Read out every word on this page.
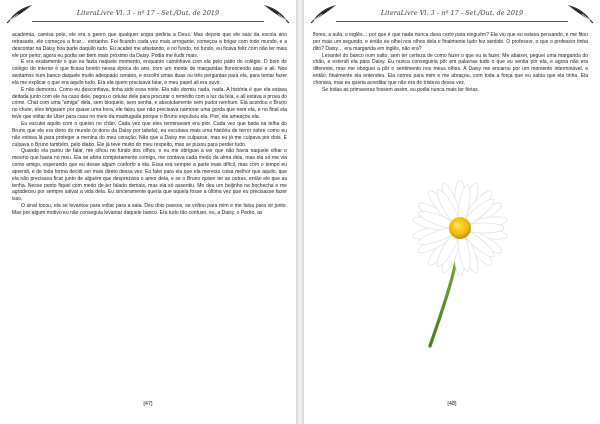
LiteraLivre Vl. 3 - nº 17 - Set./Out. de 2019

academia, camisa polo, ele era o genro que qualquer sogra pediria a Deus. Mas depois que ele saiu da escola ano retrasado, ele começou a ficar… estranho. Foi ficando cada vez mais arrogante, começou a brigar com todo mundo, e a descontar na Daisy boa parte daquilo tudo. Eu acabei me afastando, e no fundo, no fundo, eu ficava feliz com não ter mais ele por perto; agora eu podia ser bem mais próximo da Daisy. Podia me iludir mais.

E era exatamente o que eu fazia naquele momento, enquanto caminhava com ela pelo pátio do colégio. O bom de colégio do interior é que ficava bonito nessa época do ano, com um monte de margaridas florescendo aqui e ali. Nos sentamos num banco daquele muito adequado cenário, e escolhi umas duas ou três perguntas para ela, para tentar fazer ela me explicar o que era aquilo tudo. Era ela quem precisava falar, o meu papel ali era ouvir.

E não demorou. Como eu desconfiava, tinha sido essa noite. Ela não dormiu nada, nada. A história é que ela estava deitada junto com ele na casa dele, pegou o celular dele para procurar o remédio com a luz da tela, e ali estava a prova do crime. Chat com uma “amiga” dela, sem bloqueio, sem senha, e absolutamente sem pudor nenhum. Ela acordou o Bruno no chute, eles brigaram por quase uma hora, ele falou que não precisava namorar uma gorda que nem ela, e no final ela teve que voltar de Uber para casa no meio da madrugada porque o Bruno expulsou ela. Pior, ele ameaçou ela.

Eu escutei aquilo com o queixo no chão. Cada vez que eles terminavam era pior. Cada vez que batia na telha do Bruno que ele era dono do mundo (e dono da Daisy por tabela), eu escutava mais uma história de terror sobre como eu não estava lá para proteger a menina do meu coração. Não que a Daisy me culpasse, mas eu já me culpava por dois. E culpava o Bruno também, pelo diabo. Ele já teve muito do meu respeito, mas se puxou para perder tudo.

Quando ela parou de falar, me olhou no fundo dos olhos, e eu me obriguei a ver que não havia naquele olhar o mesmo que havia no meu. Ela se abria completamente comigo, me contava cada medo da alma dela, mas ela só me via como amigo, esperando que eu desse algum conforto a ela. Essa era sempre a parte mais difícil, mas com o tempo eu aprendi, e de toda forma decidi ser mais direto dessa vez. Eu falei para ela que ela merecia coisa melhor que aquilo, que ela não precisava ficar junto de alguém que desprezava o amor dela, e se o Bruno quiser ter as outras, então ele que as tenha. Nesse ponto fiquei com medo de ter falado demais, mas ela só assentiu. Me deu um beijinho na bochecha e me agradeceu por sempre salvar a vida dela. Eu sinceramente queria que aquela fosse a última vez que eu precisasse fazer isso.

O sinal tocou, ela se levantou para voltar para a sala. Deu dois passos, se voltou para mim e me falou para vir junto. Mas por algum motivo eu não conseguia levantar daquele banco. Era tudo tão confuso, eu, a Daisy, o Pedro, as

[47]
LiteraLivre Vl. 3 - nº 17 - Set./Out. de 2019

flores, a aula, o inglês… por que é que nada nunca dava certo para ninguém? Ela viu que eu estava pensando, e me fitou por mais um segundo, e então eu olhei nos olhos dela e finalmente tudo fez sentido. O professor, o que o professor tinha dito? Daisy… era margarida em inglês, não era?

Levantei do banco num salto, sem ter certeza de como fazer o que eu ia fazer. Me abaixei, peguei uma margarida do chão, e estendi ela para Daisy. Eu nunca conseguiria pôr em palavras tudo o que eu sentia por ela, e agora não era diferente, mas me obriguei a pôr o sentimento nos meus olhos. A Daisy me encarou por um momento interminável, e então, finalmente ela entendeu. Ela correu para mim e me abraçou, com toda a força que eu sabia que ela tinha. Ela chorava, mas eu queria acreditar que não era de tristeza dessa vez.

Se todas as primaveras fossem assim, eu podia nunca mais ter férias.

[48]
